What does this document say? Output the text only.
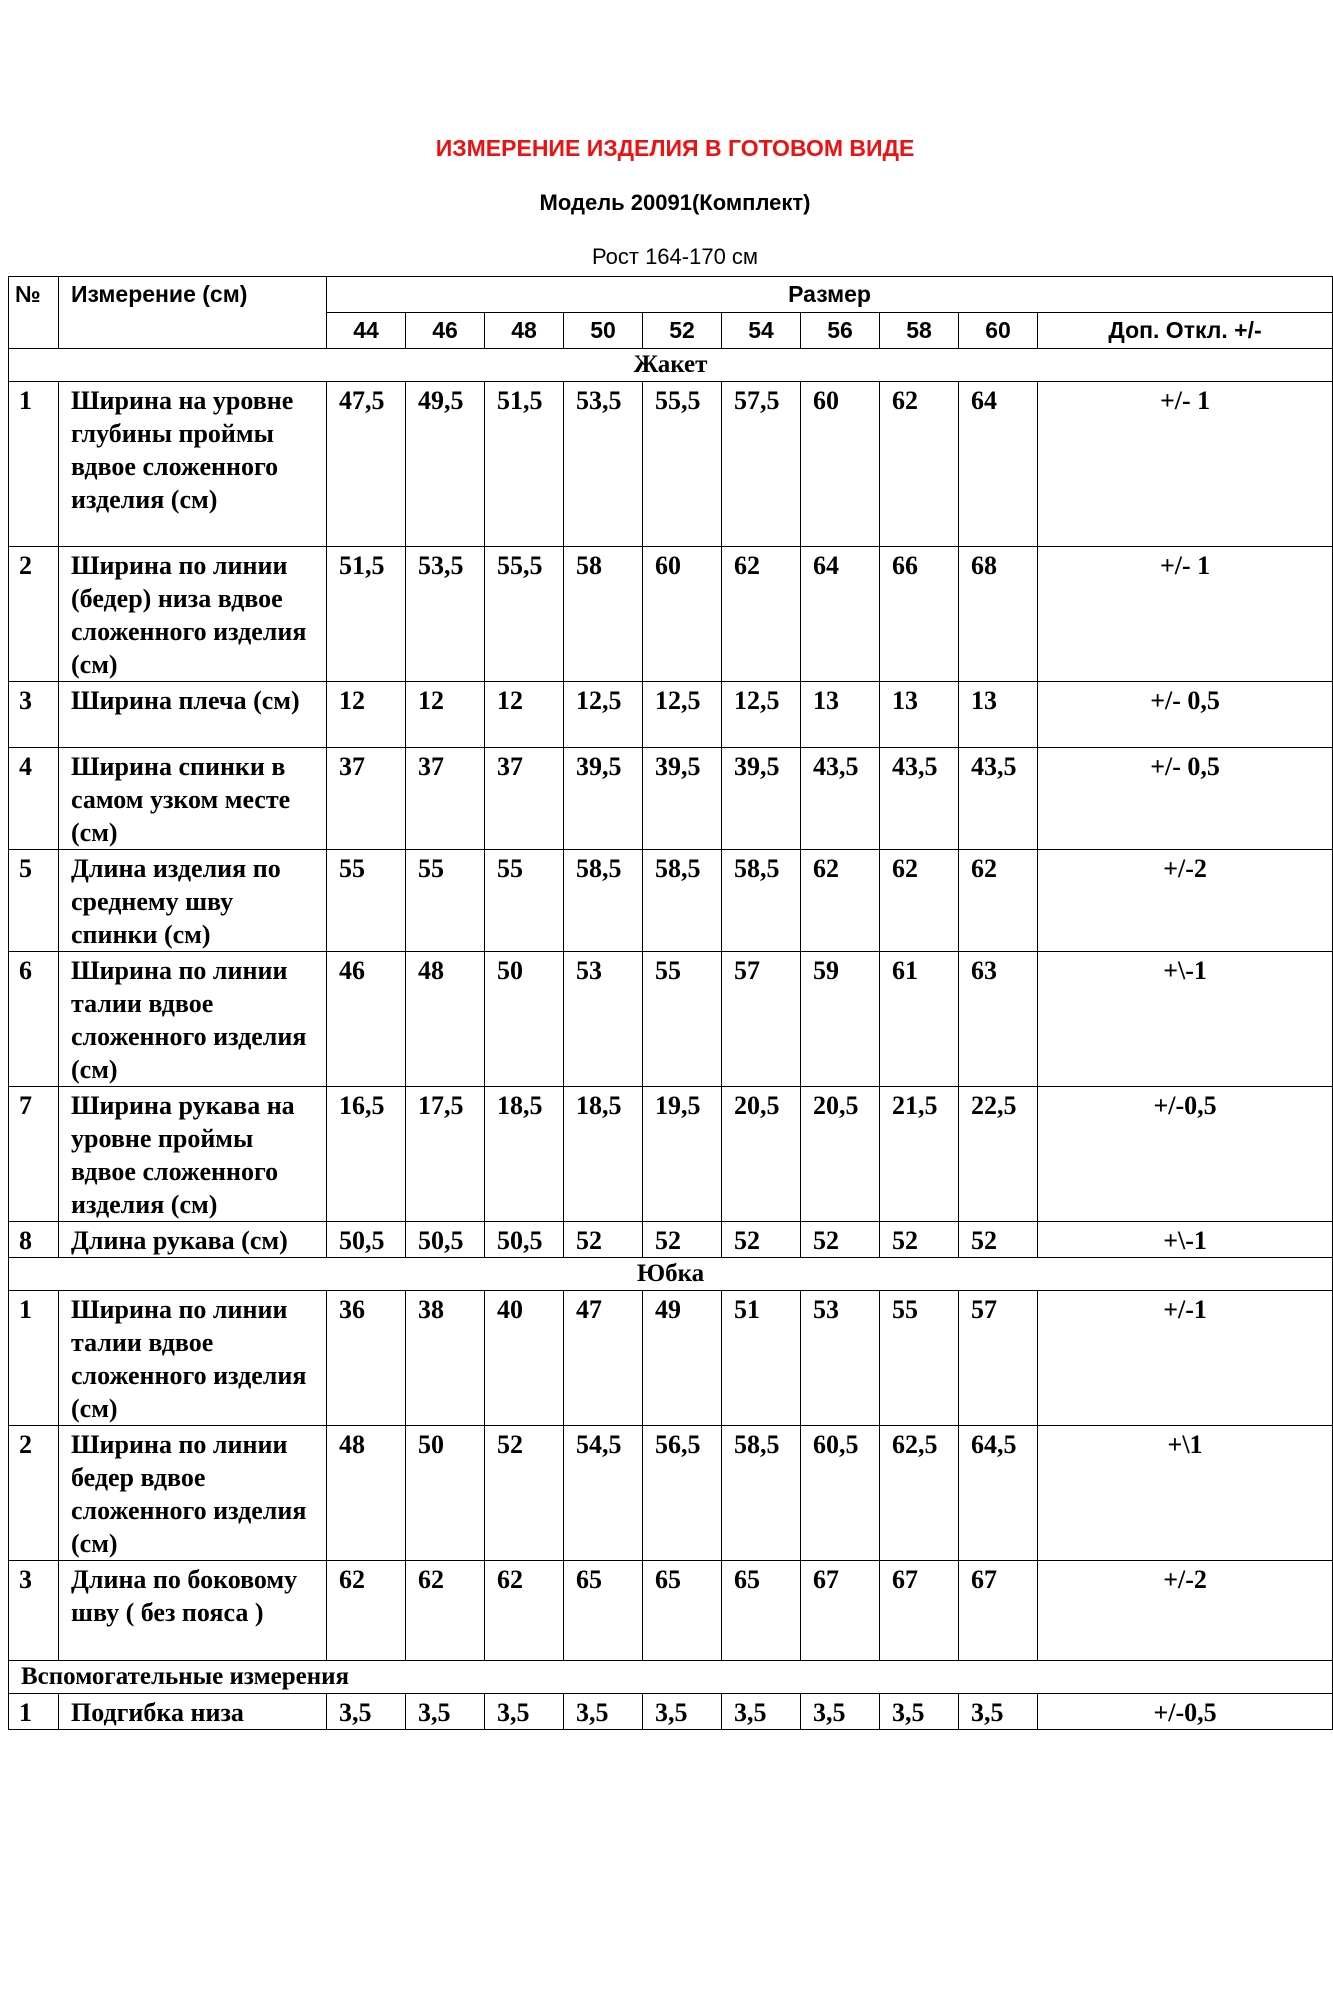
ИЗМЕРЕНИЕ ИЗДЕЛИЯ В ГОТОВОМ ВИДЕ
Модель 20091(Комплект)
Рост 164-170 см
№	Измерение (см)	Размер									
		44	46	48	50	52	54	56	58	60	Доп. Откл. +/-
Жакет											
1	Ширина на уровне глубины проймы вдвое сложенного изделия (см)	47,5	49,5	51,5	53,5	55,5	57,5	60	62	64	+/- 1
2	Ширина по линии (бедер) низа вдвое сложенного изделия (см)	51,5	53,5	55,5	58	60	62	64	66	68	+/- 1
3	Ширина плеча (см)	12	12	12	12,5	12,5	12,5	13	13	13	+/- 0,5
4	Ширина спинки в самом узком месте (см)	37	37	37	39,5	39,5	39,5	43,5	43,5	43,5	+/- 0,5
5	Длина изделия по среднему шву спинки (см)	55	55	55	58,5	58,5	58,5	62	62	62	+/-2
6	Ширина по линии талии вдвое сложенного изделия (см)	46	48	50	53	55	57	59	61	63	+\-1
7	Ширина рукава на уровне проймы вдвое сложенного изделия (см)	16,5	17,5	18,5	18,5	19,5	20,5	20,5	21,5	22,5	+/-0,5
8	Длина рукава (см)	50,5	50,5	50,5	52	52	52	52	52	52	+\-1
Юбка											
1	Ширина по линии талии вдвое сложенного изделия (см)	36	38	40	47	49	51	53	55	57	+/-1
2	Ширина по линии бедер вдвое сложенного изделия (см)	48	50	52	54,5	56,5	58,5	60,5	62,5	64,5	+\1
3	Длина по боковому шву ( без пояса )	62	62	62	65	65	65	67	67	67	+/-2
Вспомогательные измерения											
1	Подгибка низа	3,5	3,5	3,5	3,5	3,5	3,5	3,5	3,5	3,5	+/-0,5
